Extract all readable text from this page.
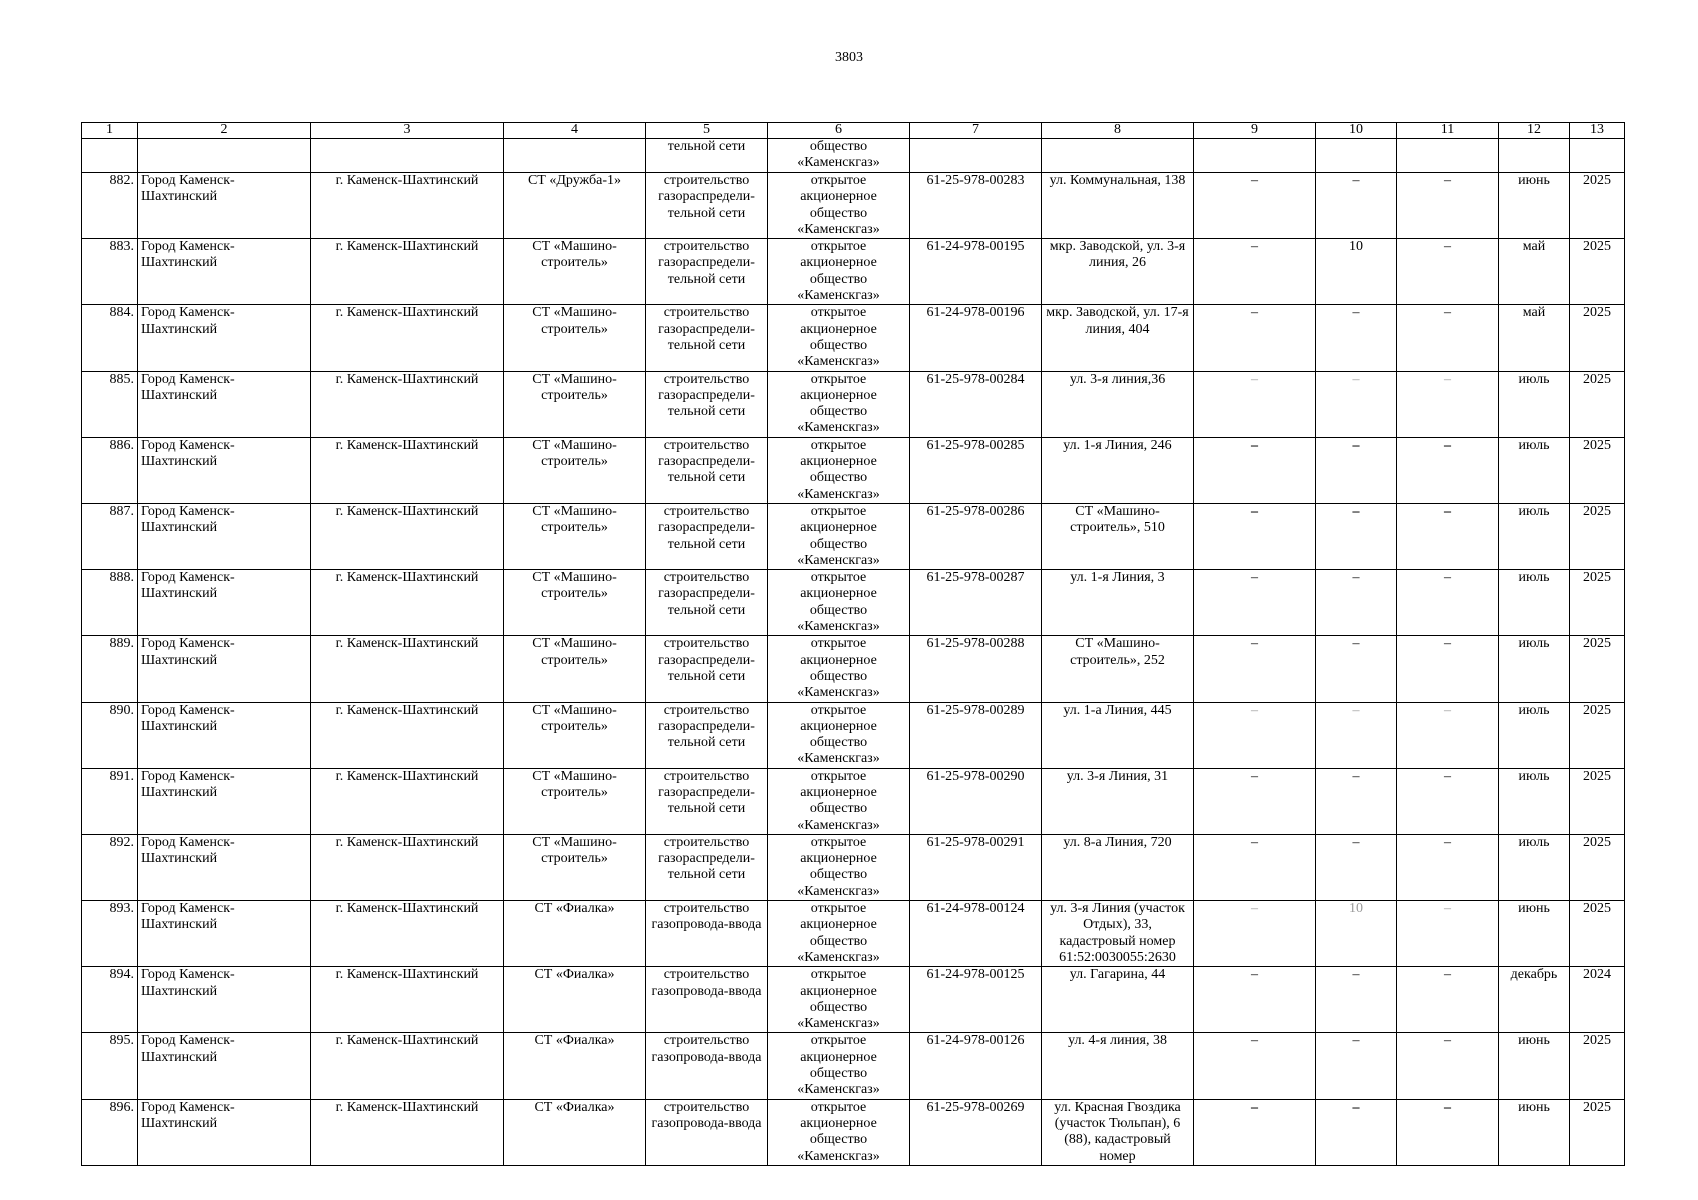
3803
1	2	3	4	5	6	7	8	9	10	11	12	13
				тельной сети	общество «Каменскгаз»							
882.	Город Каменск-Шахтинский	г. Каменск-Шахтинский	СТ «Дружба-1»	строительство газораспредели-тельной сети	открытое акционерное общество «Каменскгаз»	61-25-978-00283	ул. Коммунальная, 138	–	–	–	июнь	2025
883.	Город Каменск-Шахтинский	г. Каменск-Шахтинский	СТ «Машино-строитель»	строительство газораспредели-тельной сети	открытое акционерное общество «Каменскгаз»	61-24-978-00195	мкр. Заводской, ул. 3-я линия, 26	–	10	–	май	2025
884.	Город Каменск-Шахтинский	г. Каменск-Шахтинский	СТ «Машино-строитель»	строительство газораспредели-тельной сети	открытое акционерное общество «Каменскгаз»	61-24-978-00196	мкр. Заводской, ул. 17-я линия, 404	–	–	–	май	2025
885.	Город Каменск-Шахтинский	г. Каменск-Шахтинский	СТ «Машино-строитель»	строительство газораспредели-тельной сети	открытое акционерное общество «Каменскгаз»	61-25-978-00284	ул. 3-я линия,36	–	–	–	июль	2025
886.	Город Каменск-Шахтинский	г. Каменск-Шахтинский	СТ «Машино-строитель»	строительство газораспредели-тельной сети	открытое акционерное общество «Каменскгаз»	61-25-978-00285	ул. 1-я Линия, 246	–	–	–	июль	2025
887.	Город Каменск-Шахтинский	г. Каменск-Шахтинский	СТ «Машино-строитель»	строительство газораспредели-тельной сети	открытое акционерное общество «Каменскгаз»	61-25-978-00286	СТ «Машино-строитель», 510	–	–	–	июль	2025
888.	Город Каменск-Шахтинский	г. Каменск-Шахтинский	СТ «Машино-строитель»	строительство газораспредели-тельной сети	открытое акционерное общество «Каменскгаз»	61-25-978-00287	ул. 1-я Линия, 3	–	–	–	июль	2025
889.	Город Каменск-Шахтинский	г. Каменск-Шахтинский	СТ «Машино-строитель»	строительство газораспредели-тельной сети	открытое акционерное общество «Каменскгаз»	61-25-978-00288	СТ «Машино-строитель», 252	–	–	–	июль	2025
890.	Город Каменск-Шахтинский	г. Каменск-Шахтинский	СТ «Машино-строитель»	строительство газораспредели-тельной сети	открытое акционерное общество «Каменскгаз»	61-25-978-00289	ул. 1-а Линия, 445	–	–	–	июль	2025
891.	Город Каменск-Шахтинский	г. Каменск-Шахтинский	СТ «Машино-строитель»	строительство газораспредели-тельной сети	открытое акционерное общество «Каменскгаз»	61-25-978-00290	ул. 3-я Линия, 31	–	–	–	июль	2025
892.	Город Каменск-Шахтинский	г. Каменск-Шахтинский	СТ «Машино-строитель»	строительство газораспредели-тельной сети	открытое акционерное общество «Каменскгаз»	61-25-978-00291	ул. 8-а Линия, 720	–	–	–	июль	2025
893.	Город Каменск-Шахтинский	г. Каменск-Шахтинский	СТ «Фиалка»	строительство газопровода-ввода	открытое акционерное общество «Каменскгаз»	61-24-978-00124	ул. 3-я Линия (участок Отдых), 33, кадастровый номер 61:52:0030055:2630	–	10	–	июнь	2025
894.	Город Каменск-Шахтинский	г. Каменск-Шахтинский	СТ «Фиалка»	строительство газопровода-ввода	открытое акционерное общество «Каменскгаз»	61-24-978-00125	ул. Гагарина, 44	–	–	–	декабрь	2024
895.	Город Каменск-Шахтинский	г. Каменск-Шахтинский	СТ «Фиалка»	строительство газопровода-ввода	открытое акционерное общество «Каменскгаз»	61-24-978-00126	ул. 4-я линия, 38	–	–	–	июнь	2025
896.	Город Каменск-Шахтинский	г. Каменск-Шахтинский	СТ «Фиалка»	строительство газопровода-ввода	открытое акционерное общество «Каменскгаз»	61-25-978-00269	ул. Красная Гвоздика (участок Тюльпан), 6 (88), кадастровый номер	–	–	–	июнь	2025
